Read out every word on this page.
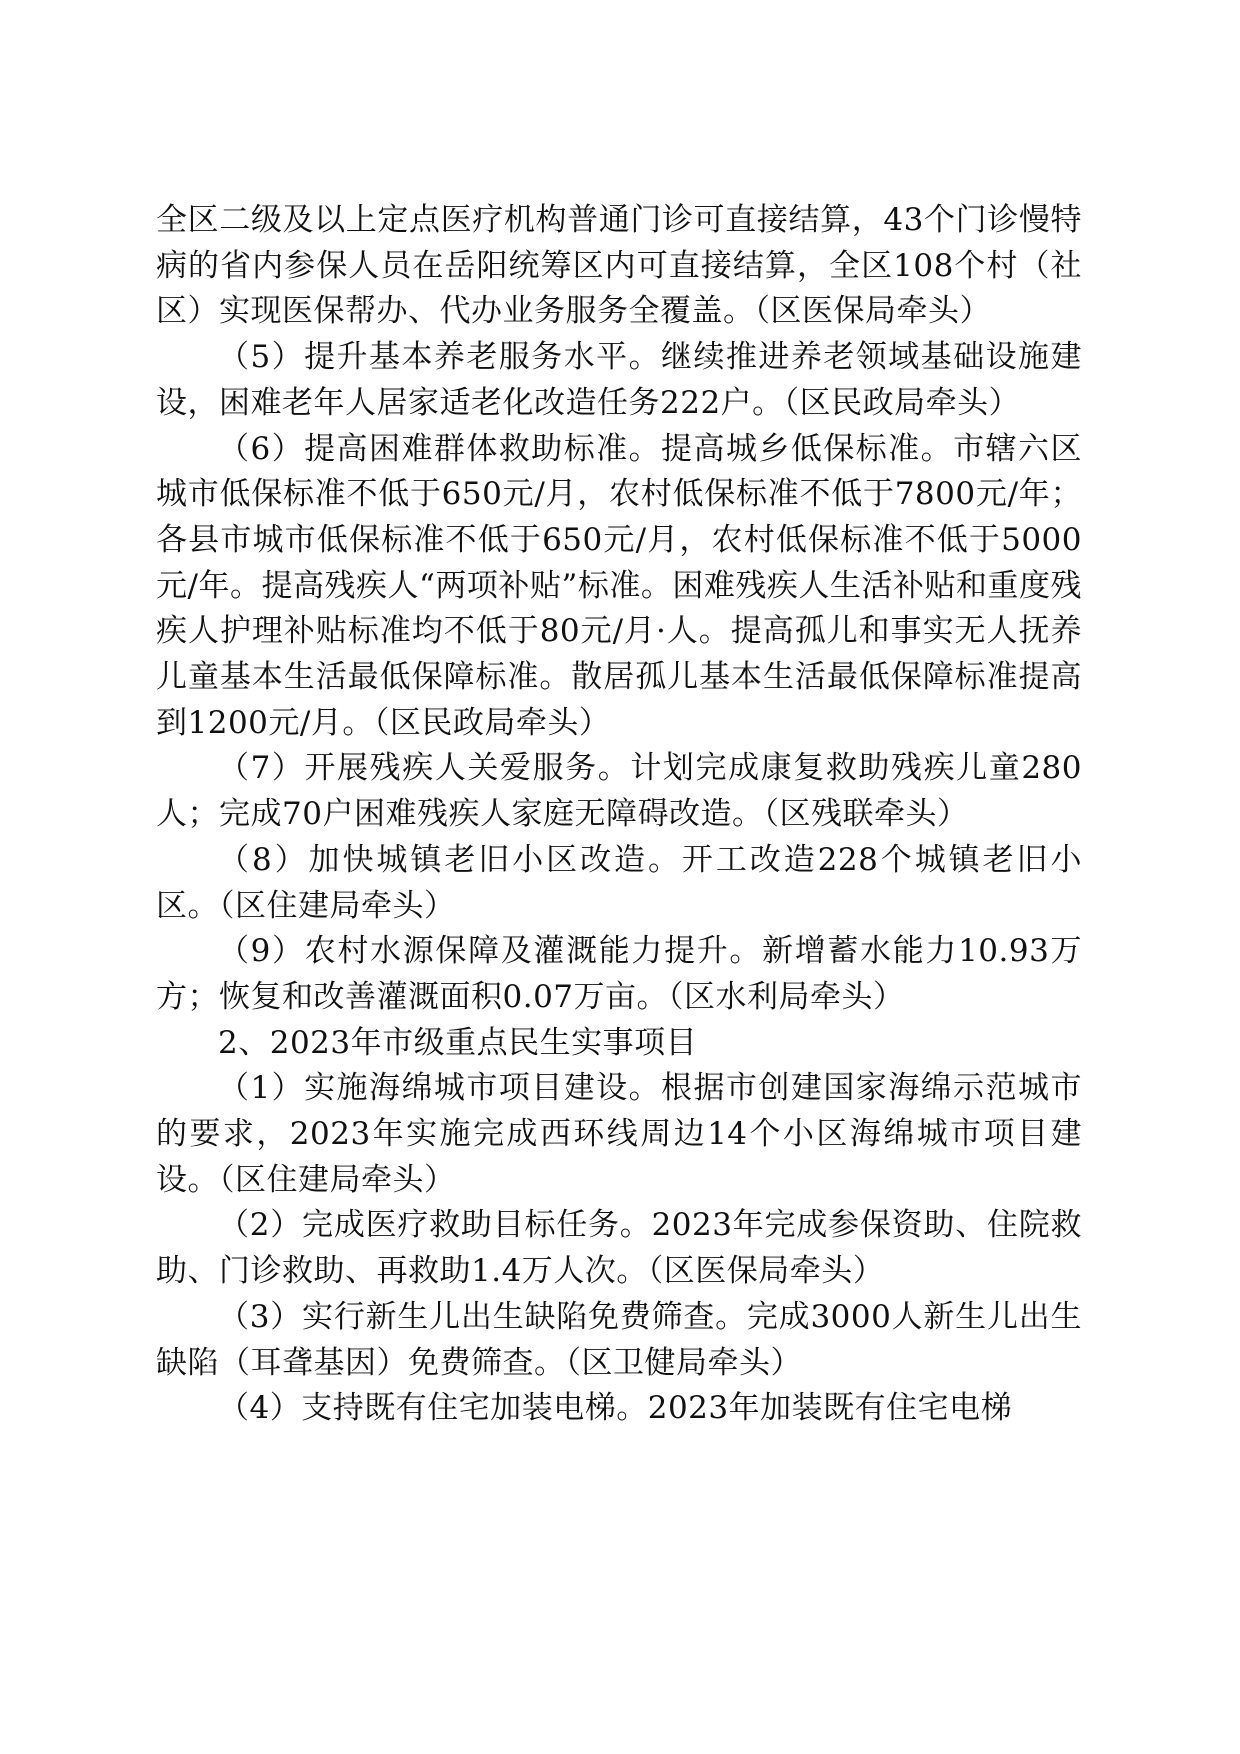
全区二级及以上定点医疗机构普通门诊可直接结算，43个门诊慢特病的省内参保人员在岳阳统筹区内可直接结算，全区108个村（社区）实现医保帮办、代办业务服务全覆盖。（区医保局牵头）

（5）提升基本养老服务水平。继续推进养老领域基础设施建设，困难老年人居家适老化改造任务222户。（区民政局牵头）

（6）提高困难群体救助标准。提高城乡低保标准。市辖六区城市低保标准不低于650元/月，农村低保标准不低于7800元/年；各县市城市低保标准不低于650元/月，农村低保标准不低于5000元/年。提高残疾人“两项补贴”标准。困难残疾人生活补贴和重度残疾人护理补贴标准均不低于80元/月·人。提高孤儿和事实无人抚养儿童基本生活最低保障标准。散居孤儿基本生活最低保障标准提高到1200元/月。（区民政局牵头）

（7）开展残疾人关爱服务。计划完成康复救助残疾儿童280人；完成70户困难残疾人家庭无障碍改造。（区残联牵头）

（8）加快城镇老旧小区改造。开工改造228个城镇老旧小区。（区住建局牵头）

（9）农村水源保障及灌溉能力提升。新增蓄水能力10.93万方；恢复和改善灌溉面积0.07万亩。（区水利局牵头）

2、2023年市级重点民生实事项目

（1）实施海绵城市项目建设。根据市创建国家海绵示范城市的要求，2023年实施完成西环线周边14个小区海绵城市项目建设。（区住建局牵头）

（2）完成医疗救助目标任务。2023年完成参保资助、住院救助、门诊救助、再救助1.4万人次。（区医保局牵头）

（3）实行新生儿出生缺陷免费筛查。完成3000人新生儿出生缺陷（耳聋基因）免费筛查。（区卫健局牵头）

（4）支持既有住宅加装电梯。2023年加装既有住宅电梯
